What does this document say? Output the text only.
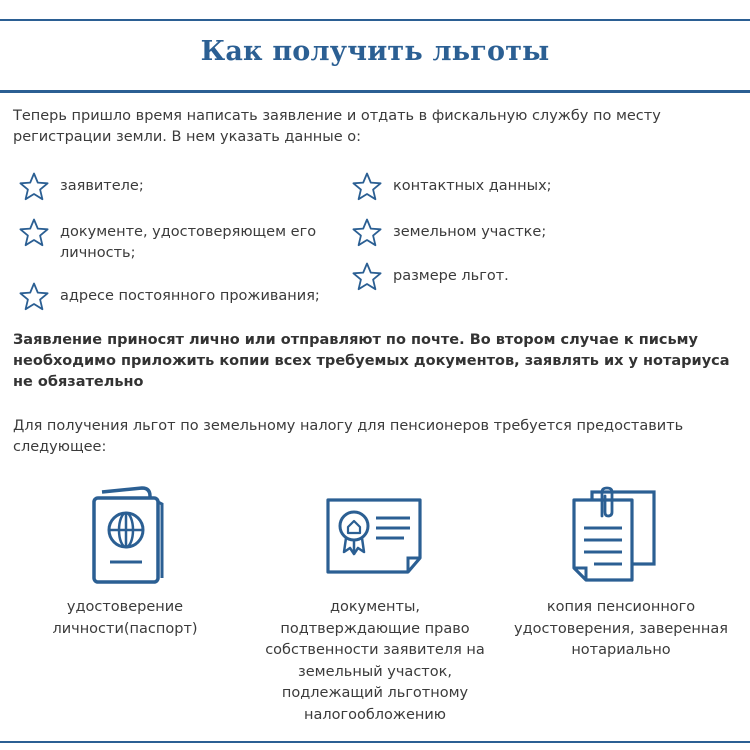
Как получить льготы

Теперь пришло время написать заявление и отдать в фискальную службу по месту регистрации земли. В нем указать данные о:

заявителе;
документе, удостоверяющем его личность;
адресе постоянного проживания;
контактных данных;
земельном участке;
размере льгот.

Заявление приносят лично или отправляют по почте. Во втором случае к письму необходимо приложить копии всех требуемых документов, заявлять их у нотариуса не обязательно

Для получения льгот по земельному налогу для пенсионеров требуется предоставить следующее:

удостоверение личности(паспорт)
документы, подтверждающие право собственности заявителя на земельный участок, подлежащий льготному налогообложению
копия пенсионного удостоверения, заверенная нотариально
